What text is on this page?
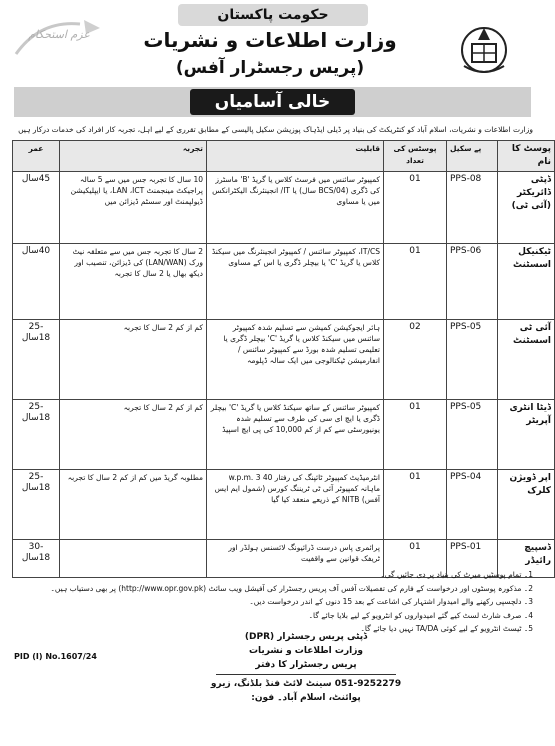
عزم استحکام
حکومت پاکستان
وزارت اطلاعات و نشریات
(پریس رجسٹرار آفس)
خالی آسامیاں
وزارت اطلاعات و نشریات، اسلام آباد کو کنٹریکٹ کی بنیاد پر ڈیلی ایڈہاک پوزیشن سکیل پالیسی کے مطابق تقرری کے لیے اہل، تجربہ کار افراد کی خدمات درکار ہیں
پوسٹ کا نام	پے سکیل	پوسٹس کی تعداد	قابلیت	تجربہ	عمر
ڈپٹی ڈائریکٹر (آئی ٹی)	PPS-08	01	کمپیوٹر سائنس میں فرسٹ کلاس یا گریڈ 'B' ماسٹرز کی ڈگری (BCS/04 سال) یا IT/ انجینئرنگ الیکٹرانکس میں یا مساوی	10 سال کا تجربہ جس میں سے 5 سالہ پراجیکٹ مینجمنٹ LAN ،ICT، یا ایپلیکیشن ڈیولپمنٹ اور سسٹم ڈیزائن میں	45سال
ٹیکنیکل اسسٹنٹ	PPS-06	01	IT/CS، کمپیوٹر سائنس / کمپیوٹر انجینئرنگ میں سیکنڈ کلاس یا گریڈ 'C' یا بیچلر ڈگری یا اس کے مساوی	2 سال کا تجربہ جس میں سے متعلقہ نیٹ ورک (LAN/WAN) کی ڈیزائن، تنصیب اور دیکھ بھال یا 2 سال کا تجربہ	40سال
آئی ٹی اسسٹنٹ	PPS-05	02	ہائر ایجوکیشن کمیشن سے تسلیم شدہ کمپیوٹر سائنس میں سیکنڈ کلاس یا گریڈ 'C' بیچلر ڈگری یا تعلیمی تسلیم شدہ بورڈ سے کمپیوٹر سائنس / انفارمیشن ٹیکنالوجی میں ایک سالہ ڈپلومہ	کم از کم 2 سال کا تجربہ	25-18سال
ڈیٹا انٹری آپریٹر	PPS-05	01	کمپیوٹر سائنس کے ساتھ سیکنڈ کلاس یا گریڈ 'C' بیچلر ڈگری یا ایچ ای سی کی طرف سے تسلیم شدہ یونیورسٹی سے کم از کم 10,000 کی پی ایچ اسپیڈ	کم از کم 2 سال کا تجربہ	25-18سال
اپر ڈویژن کلرک	PPS-04	01	انٹرمیڈیٹ کمپیوٹر ٹائپنگ کی رفتار 40 w.p.m. 3 ماہانہ کمپیوٹر آئی ٹی ٹریننگ کورس (شمول ایم ایس آفس) NITB کے ذریعے منعقد کیا گیا	مطلوبہ گریڈ میں کم از کم 2 سال کا تجربہ	25-18سال
ڈسپیچ رائیڈر	PPS-01	01	پرائمری پاس درست ڈرائیونگ لائسنس ہولڈر اور ٹریفک قوانین سے واقفیت		30-18سال
1۔ تمام پوسٹیں میرٹ کی بنیاد پر دی جائیں گی۔
2۔ مذکورہ پوسٹوں اور درخواست کے فارم کی تفصیلات آفس آف پریس رجسٹرار کی آفیشل ویب سائٹ (http://www.opr.gov.pk) پر بھی دستیاب ہیں۔
3۔ دلچسپی رکھنے والے امیدوار اشتہار کی اشاعت کے بعد 15 دنوں کے اندر درخواست دیں۔
4۔ صرف شارٹ لسٹ کیے گئے امیدواروں کو انٹرویو کے لیے بلایا جائے گا۔
5۔ ٹیسٹ انٹرویو کے لیے کوئی TA/DA نہیں دیا جائے گا۔
PID (I) No.1607/24
ڈپٹی پریس رجسٹرار (DPR)
وزارت اطلاعات و نشریات
پریس رجسٹرار کا دفتر
051-9252279 سینٹ لائٹ فنڈ بلڈنگ، زیرو پوائنٹ، اسلام آباد۔ فون:
